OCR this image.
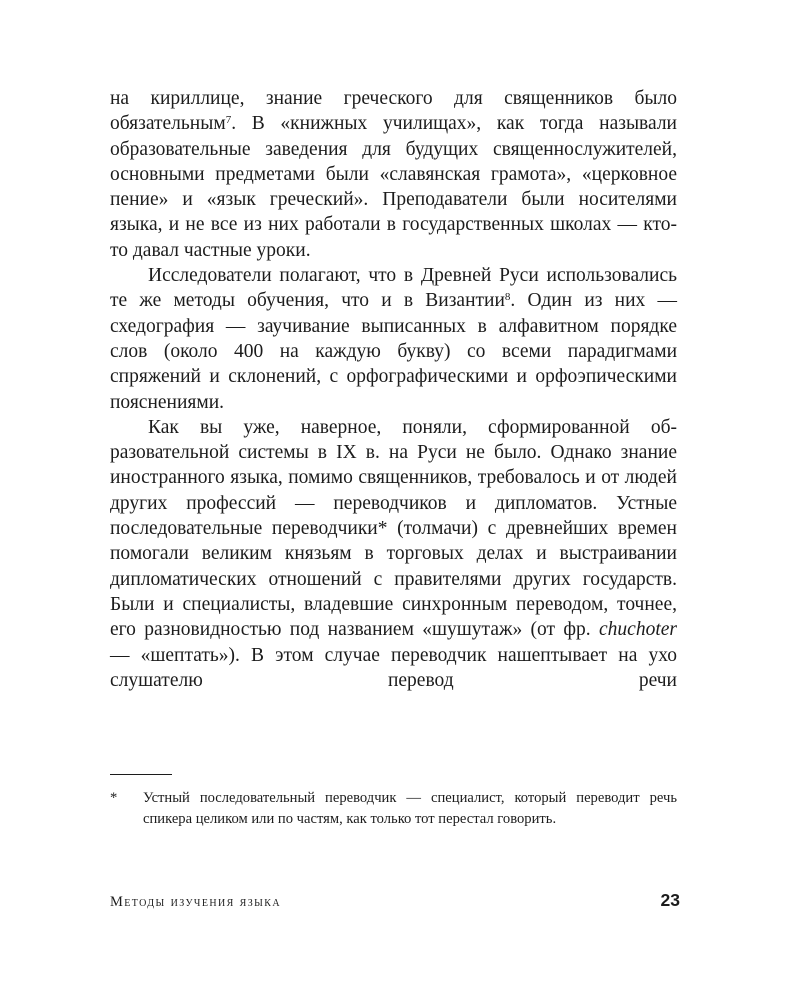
на кириллице, знание греческого для священников было обязательным$^7$. В «книжных училищах», как тогда называли образовательные заведения для будущих священнослужителей, основными предметами были «славянская грамота», «церковное пение» и «язык греческий». Преподаватели были носителями языка, и не все из них работали в государственных школах — кто-то давал частные уроки.

Исследователи полагают, что в Древней Руси использовались те же методы обучения, что и в Византии$^8$. Один из них — схедография — заучивание выписанных в алфавитном порядке слов (около 400 на каждую букву) со всеми парадигмами спряжений и склонений, с орфографическими и орфоэпическими пояснениями.

Как вы уже, наверное, поняли, сформированной образовательной системы в IX в. на Руси не было. Однако знание иностранного языка, помимо священников, требовалось и от людей других профессий — переводчиков и дипломатов. Устные последовательные переводчики* (толмачи) с древнейших времен помогали великим князьям в торговых делах и выстраивании дипломатических отношений с правителями других государств. Были и специалисты, владевшие синхронным переводом, точнее, его разновидностью под названием «шушутаж» (от фр. chuchoter — «шептать»). В этом случае переводчик нашептывает на ухо слушателю перевод речи

*	Устный последовательный переводчик — специалист, который переводит речь спикера целиком или по частям, как только тот перестал говорить.
Методы изучения языка	23
